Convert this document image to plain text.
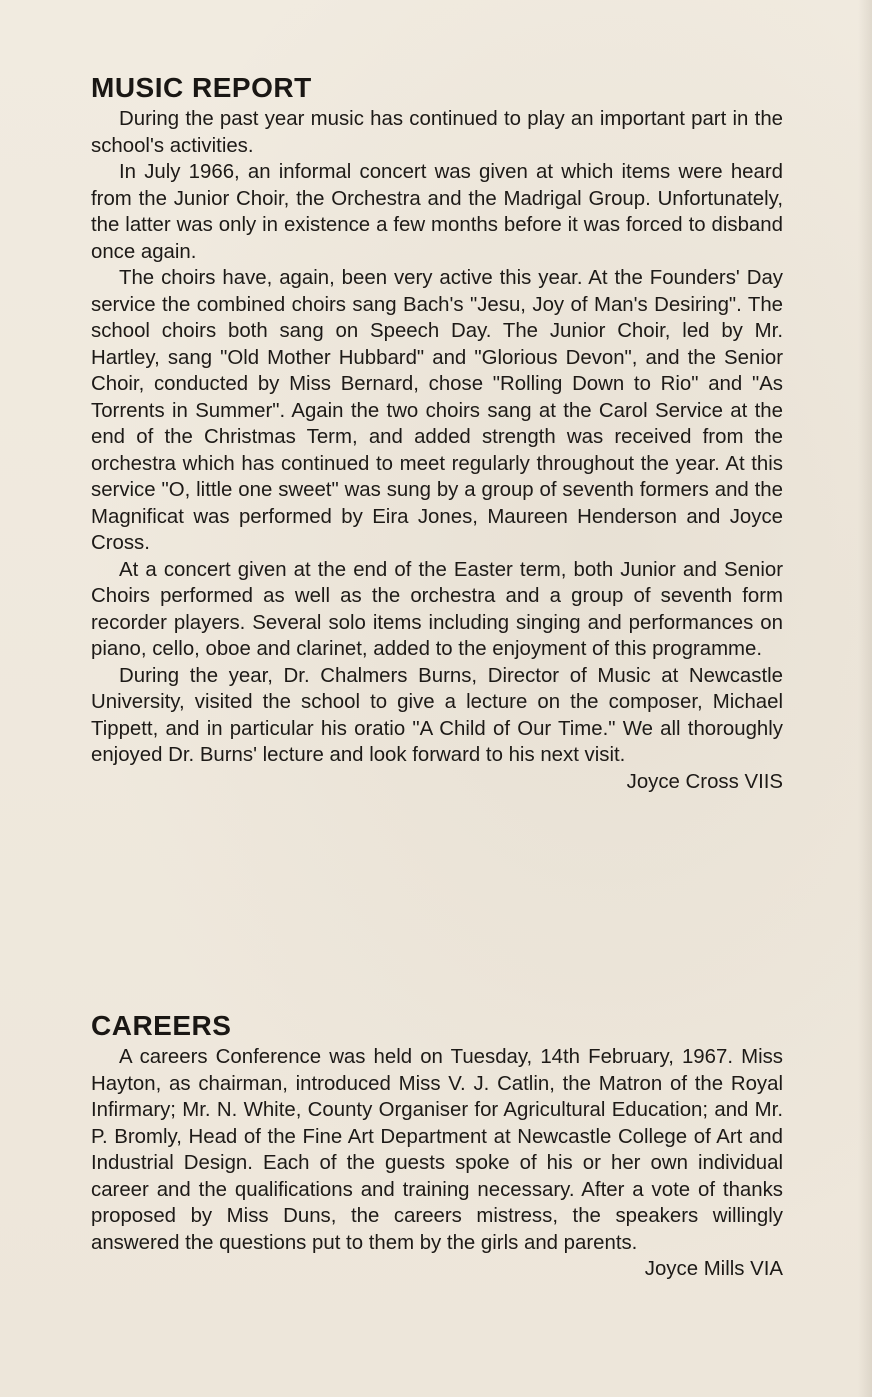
MUSIC REPORT

During the past year music has continued to play an important part in the school's activities.

In July 1966, an informal concert was given at which items were heard from the Junior Choir, the Orchestra and the Madrigal Group. Unfortunately, the latter was only in existence a few months before it was forced to disband once again.

The choirs have, again, been very active this year. At the Founders' Day service the combined choirs sang Bach's "Jesu, Joy of Man's Desiring". The school choirs both sang on Speech Day. The Junior Choir, led by Mr. Hartley, sang "Old Mother Hubbard" and "Glorious Devon", and the Senior Choir, conducted by Miss Bernard, chose "Rolling Down to Rio" and "As Torrents in Summer". Again the two choirs sang at the Carol Service at the end of the Christmas Term, and added strength was received from the orchestra which has continued to meet regularly throughout the year. At this service "O, little one sweet" was sung by a group of seventh formers and the Magnificat was performed by Eira Jones, Maureen Henderson and Joyce Cross.

At a concert given at the end of the Easter term, both Junior and Senior Choirs performed as well as the orchestra and a group of seventh form recorder players. Several solo items including singing and performances on piano, cello, oboe and clarinet, added to the enjoyment of this programme.

During the year, Dr. Chalmers Burns, Director of Music at Newcastle University, visited the school to give a lecture on the composer, Michael Tippett, and in particular his oratio "A Child of Our Time." We all thoroughly enjoyed Dr. Burns' lecture and look forward to his next visit.

Joyce Cross VIIS

CAREERS

A careers Conference was held on Tuesday, 14th February, 1967. Miss Hayton, as chairman, introduced Miss V. J. Catlin, the Matron of the Royal Infirmary; Mr. N. White, County Organiser for Agricultural Education; and Mr. P. Bromly, Head of the Fine Art Department at Newcastle College of Art and Industrial Design. Each of the guests spoke of his or her own individual career and the qualifications and training necessary. After a vote of thanks proposed by Miss Duns, the careers mistress, the speakers willingly answered the questions put to them by the girls and parents.

Joyce Mills VIA
